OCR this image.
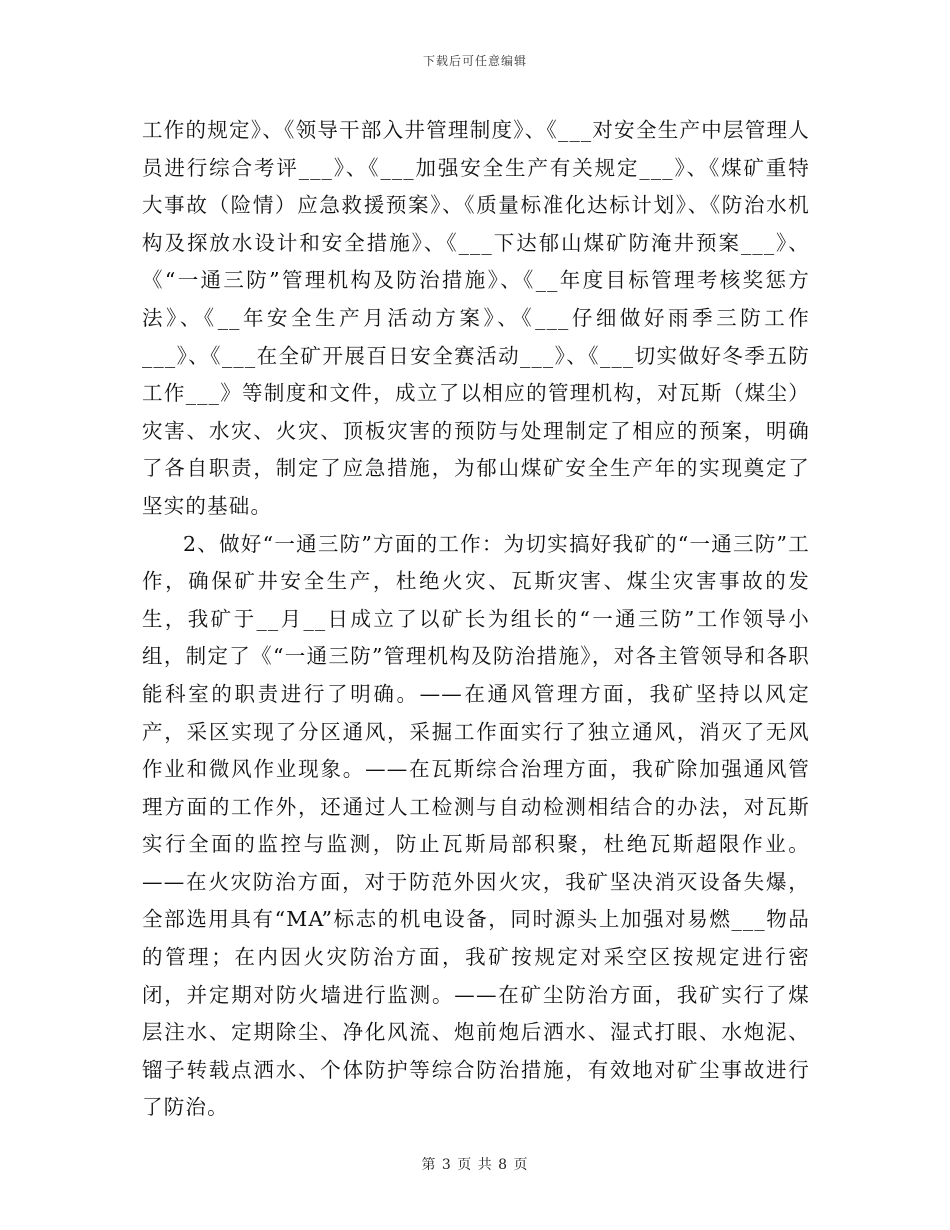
下载后可任意编辑

工作的规定》、《领导干部入井管理制度》、《___对安全生产中层管理人员进行综合考评___》、《___加强安全生产有关规定___》、《煤矿重特大事故（险情）应急救援预案》、《质量标准化达标计划》、《防治水机构及探放水设计和安全措施》、《___下达郁山煤矿防淹井预案___》、《“一通三防”管理机构及防治措施》、《__年度目标管理考核奖惩方法》、《__年安全生产月活动方案》、《___仔细做好雨季三防工作___》、《___在全矿开展百日安全赛活动___》、《___切实做好冬季五防工作___》等制度和文件，成立了以相应的管理机构，对瓦斯（煤尘）灾害、水灾、火灾、顶板灾害的预防与处理制定了相应的预案，明确了各自职责，制定了应急措施，为郁山煤矿安全生产年的实现奠定了坚实的基础。

2、做好“一通三防”方面的工作：为切实搞好我矿的“一通三防”工作，确保矿井安全生产，杜绝火灾、瓦斯灾害、煤尘灾害事故的发生，我矿于__月__日成立了以矿长为组长的“一通三防”工作领导小组，制定了《“一通三防”管理机构及防治措施》，对各主管领导和各职能科室的职责进行了明确。——在通风管理方面，我矿坚持以风定产，采区实现了分区通风，采掘工作面实行了独立通风，消灭了无风作业和微风作业现象。——在瓦斯综合治理方面，我矿除加强通风管理方面的工作外，还通过人工检测与自动检测相结合的办法，对瓦斯实行全面的监控与监测，防止瓦斯局部积聚，杜绝瓦斯超限作业。——在火灾防治方面，对于防范外因火灾，我矿坚决消灭设备失爆，全部选用具有“MA”标志的机电设备，同时源头上加强对易燃___物品的管理；在内因火灾防治方面，我矿按规定对采空区按规定进行密闭，并定期对防火墙进行监测。——在矿尘防治方面，我矿实行了煤层注水、定期除尘、净化风流、炮前炮后洒水、湿式打眼、水炮泥、镏子转载点洒水、个体防护等综合防治措施，有效地对矿尘事故进行了防治。

第 3 页 共 8 页
